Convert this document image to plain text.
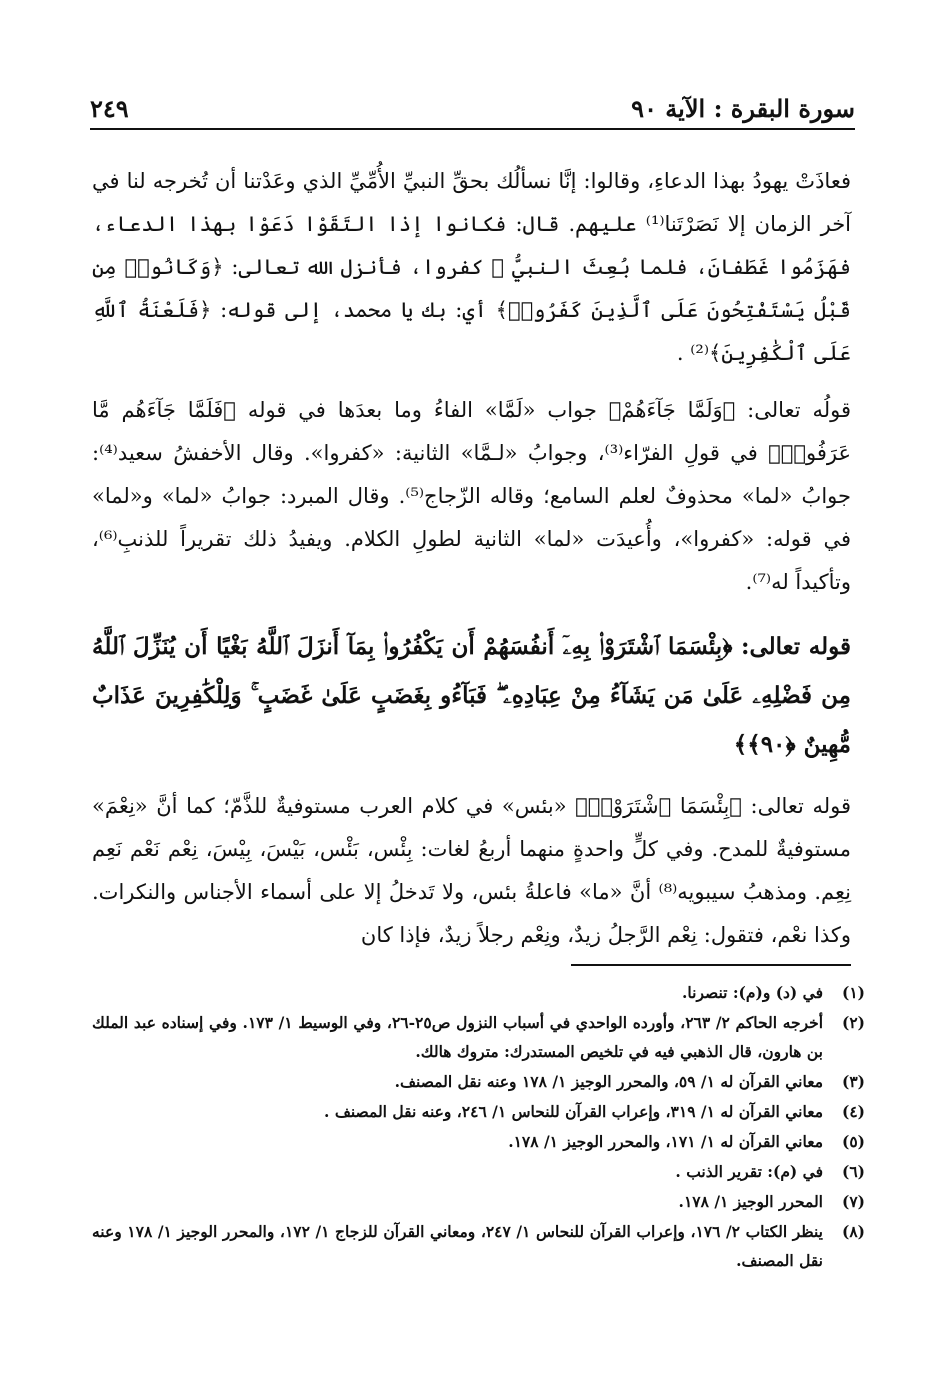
سورة البقرة : الآية ٩٠
٢٤٩

فعاذَتْ يهودُ بهذا الدعاءِ، وقالوا: إنَّا نسألُك بحقِّ النبيِّ الأُمِّيِّ الذي وعَدْتنا أن تُخرجه لنا في آخر الزمان إلا نَصَرْتَنا⁽¹⁾ عليهم. قال: فكانوا إذا التَقَوْا دَعَوْا بهذا الدعاء، فهَزَمُوا غَطَفانَ، فلما بُعِثَ النبيُّ ﷺ كفروا، فأنزل الله تعالى: ﴿وَكَانُوا۟ مِن قَبْلُ يَسْتَفْتِحُونَ عَلَى ٱلَّذِينَ كَفَرُوا۟﴾ أي: بك يا محمد، إلى قوله: ﴿فَلَعْنَةُ ٱللَّهِ عَلَى ٱلْكَٰفِرِينَ﴾⁽²⁾ .

قولُه تعالى: ﴿وَلَمَّا جَآءَهُمْ﴾ جواب «لَمَّا» الفاءُ وما بعدَها في قوله ﴿فَلَمَّا جَآءَهُم مَّا عَرَفُوا۟﴾ في قولِ الفرّاء⁽³⁾، وجوابُ «لـمَّا» الثانية: «كفروا». وقال الأخفشُ سعيد⁽⁴⁾: جوابُ «لما» محذوفٌ لعلم السامع؛ وقاله الزّجاج⁽⁵⁾. وقال المبرد: جوابُ «لما» و«لما» في قوله: «كفروا»، وأُعيدَت «لما» الثانية لطولِ الكلام. ويفيدُ ذلك تقريراً للذنبِ⁽⁶⁾، وتأكيداً له⁽⁷⁾.

قوله تعالى: ﴿بِئْسَمَا ٱشْتَرَوْا۟ بِهِۦٓ أَنفُسَهُمْ أَن يَكْفُرُوا۟ بِمَآ أَنزَلَ ٱللَّهُ بَغْيًا أَن يُنَزِّلَ ٱللَّهُ مِن فَضْلِهِۦ عَلَىٰ مَن يَشَآءُ مِنْ عِبَادِهِۦ ۖ فَبَآءُو بِغَضَبٍ عَلَىٰ غَضَبٍ ۚ وَلِلْكَٰفِرِينَ عَذَابٌ مُّهِينٌ ﴿٩٠﴾﴾

قوله تعالى: ﴿بِئْسَمَا ٱشْتَرَوْا۟﴾ «بئس» في كلام العرب مستوفيةٌ للذَّمّ؛ كما أنَّ «نِعْمَ» مستوفيةٌ للمدح. وفي كلٍّ واحدةٍ منهما أربعُ لغات: بِئْس، بَئْس، بَيْسَ، بِيْسَ، نِعْم نَعْم نَعِم نِعِم. ومذهبُ سيبويه⁽⁸⁾ أنَّ «ما» فاعلةُ بئس، ولا تَدخلُ إلا على أسماء الأجناس والنكرات. وكذا نعْم، فتقول: نِعْم الرَّجلُ زيدٌ، ونِعْم رجلاً زيدٌ، فإذا كان

(١)
في (د) و(م): تنصرنا.
(٢)
أخرجه الحاكم ٢/ ٢٦٣، وأورده الواحدي في أسباب النزول ص٢٥-٢٦، وفي الوسيط ١/ ١٧٣. وفي إسناده عبد الملك بن هارون، قال الذهبي فيه في تلخيص المستدرك: متروك هالك.
(٣)
معاني القرآن له ١/ ٥٩، والمحرر الوجيز ١/ ١٧٨ وعنه نقل المصنف.
(٤)
معاني القرآن له ١/ ٣١٩، وإعراب القرآن للنحاس ١/ ٢٤٦، وعنه نقل المصنف .
(٥)
معاني القرآن له ١/ ١٧١، والمحرر الوجيز ١/ ١٧٨.
(٦)
في (م): تقرير الذنب .
(٧)
المحرر الوجيز ١/ ١٧٨.
(٨)
ينظر الكتاب ٢/ ١٧٦، وإعراب القرآن للنحاس ١/ ٢٤٧، ومعاني القرآن للزجاج ١/ ١٧٢، والمحرر الوجيز ١/ ١٧٨ وعنه نقل المصنف.
